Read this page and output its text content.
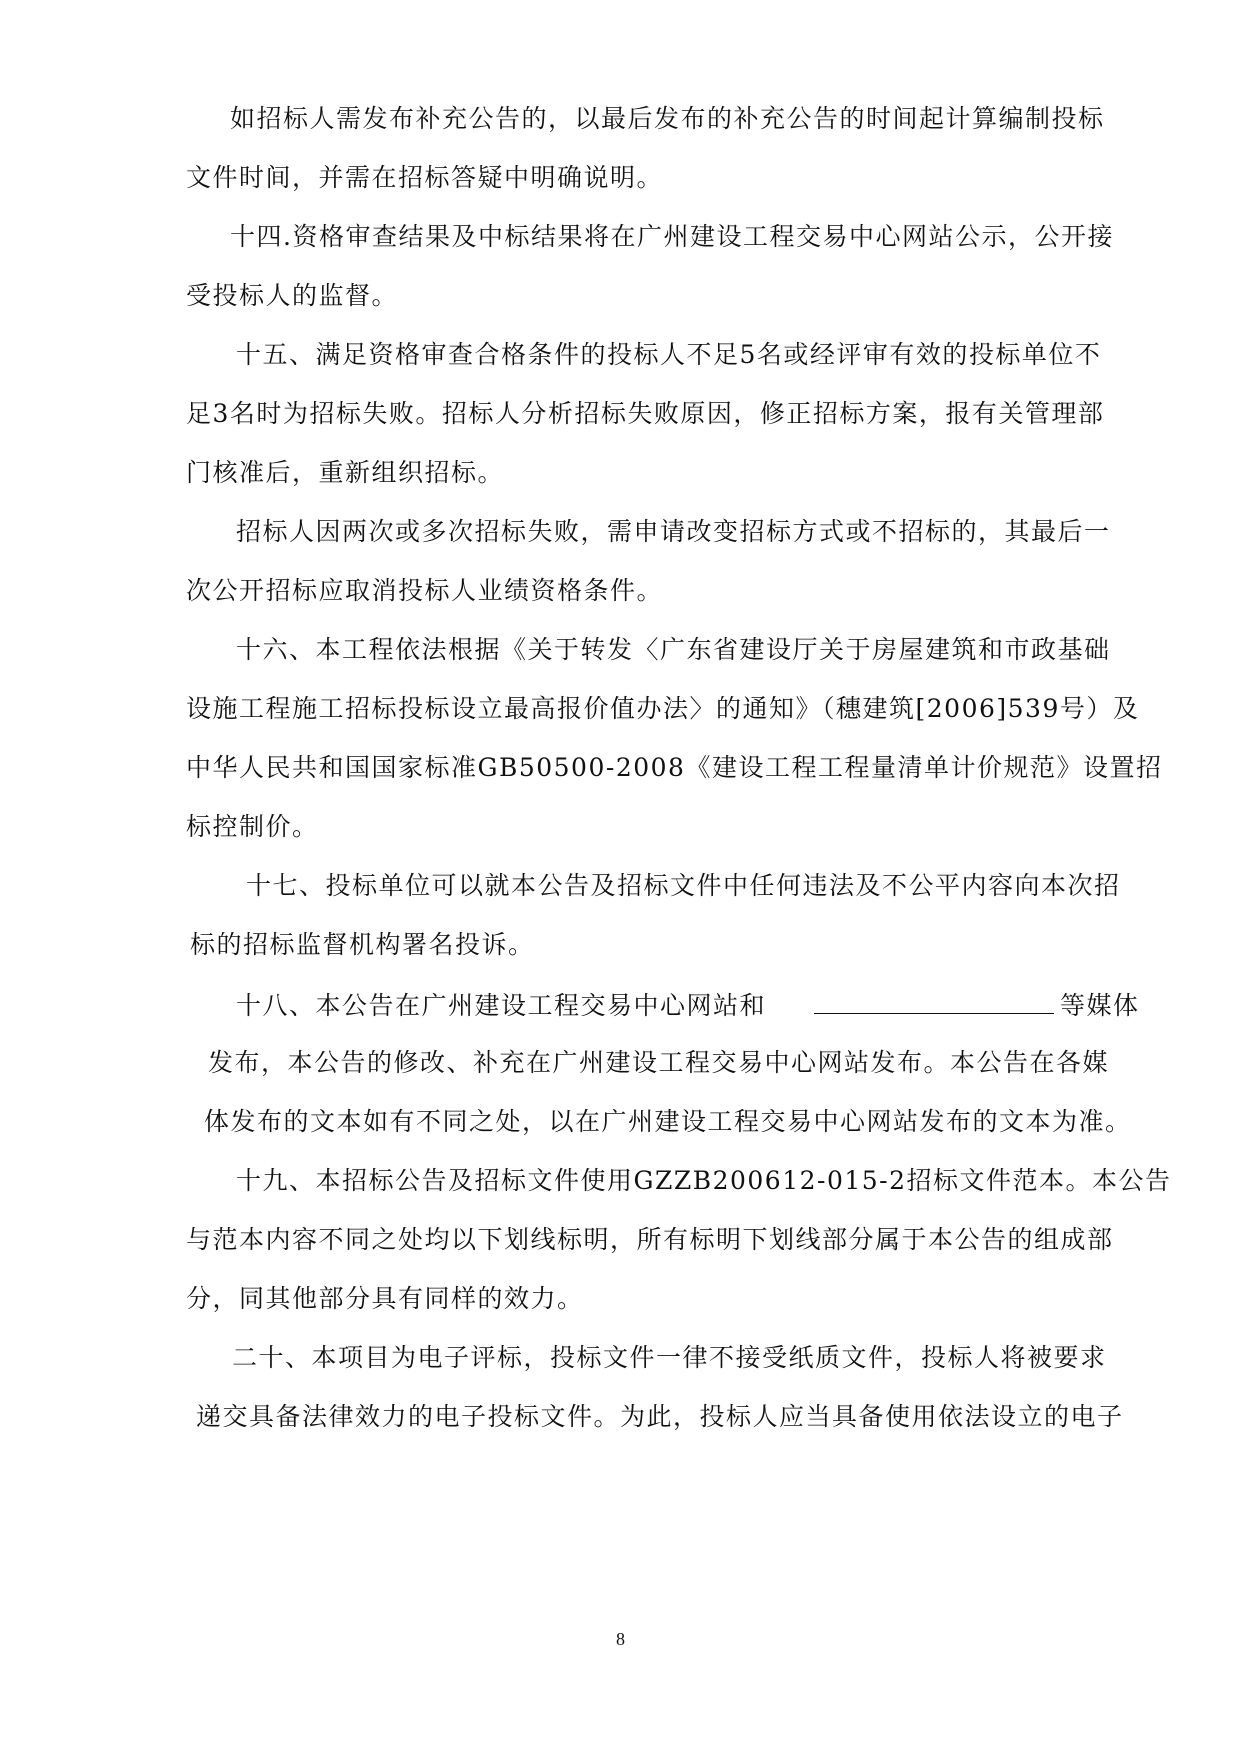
如招标人需发布补充公告的，以最后发布的补充公告的时间起计算编制投标
文件时间，并需在招标答疑中明确说明。
十四.资格审查结果及中标结果将在广州建设工程交易中心网站公示，公开接
受投标人的监督。
十五、满足资格审查合格条件的投标人不足5名或经评审有效的投标单位不
足3名时为招标失败。招标人分析招标失败原因，修正招标方案，报有关管理部
门核准后，重新组织招标。
招标人因两次或多次招标失败，需申请改变招标方式或不招标的，其最后一
次公开招标应取消投标人业绩资格条件。
十六、本工程依法根据《关于转发〈广东省建设厅关于房屋建筑和市政基础
设施工程施工招标投标设立最高报价值办法〉的通知》（穗建筑[2006]539号）及
中华人民共和国国家标准GB50500-2008《建设工程工程量清单计价规范》设置招
标控制价。
十七、投标单位可以就本公告及招标文件中任何违法及不公平内容向本次招
标的招标监督机构署名投诉。
十八、本公告在广州建设工程交易中心网站和	等媒体
发布，本公告的修改、补充在广州建设工程交易中心网站发布。本公告在各媒
体发布的文本如有不同之处，以在广州建设工程交易中心网站发布的文本为准。
十九、本招标公告及招标文件使用GZZB200612-015-2招标文件范本。本公告
与范本内容不同之处均以下划线标明，所有标明下划线部分属于本公告的组成部
分，同其他部分具有同样的效力。
二十、本项目为电子评标，投标文件一律不接受纸质文件，投标人将被要求
递交具备法律效力的电子投标文件。为此，投标人应当具备使用依法设立的电子
8
